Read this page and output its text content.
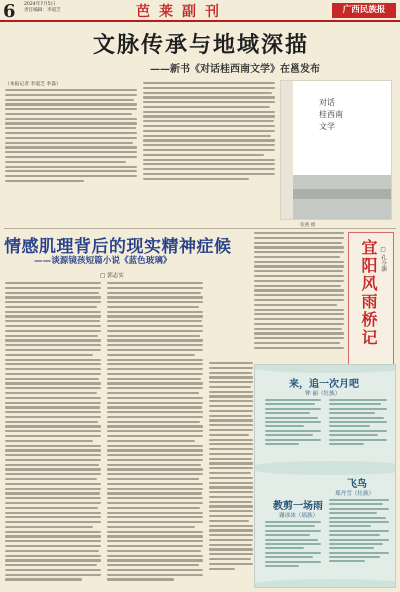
6 2024年7月5日
责任编辑：李道芝	芭莱副刊	广西民族报
文脉传承与地域深描
——新书《对话桂西南文学》在邕发布
（本报记者 李道芝 李淼）
对话
桂西南
文学
张燕 摄
情感肌理背后的现实精神症候
——谈源镜孩短篇小说《蓝色玻璃》
□ 郭志实	宜阳风雨桥记 □ 孔令灏
来，追一次月吧
钟 丽（壮族）
飞鸟
郑丹雪（壮族）
教剪一场雨
谢冰冰（瑶族）
